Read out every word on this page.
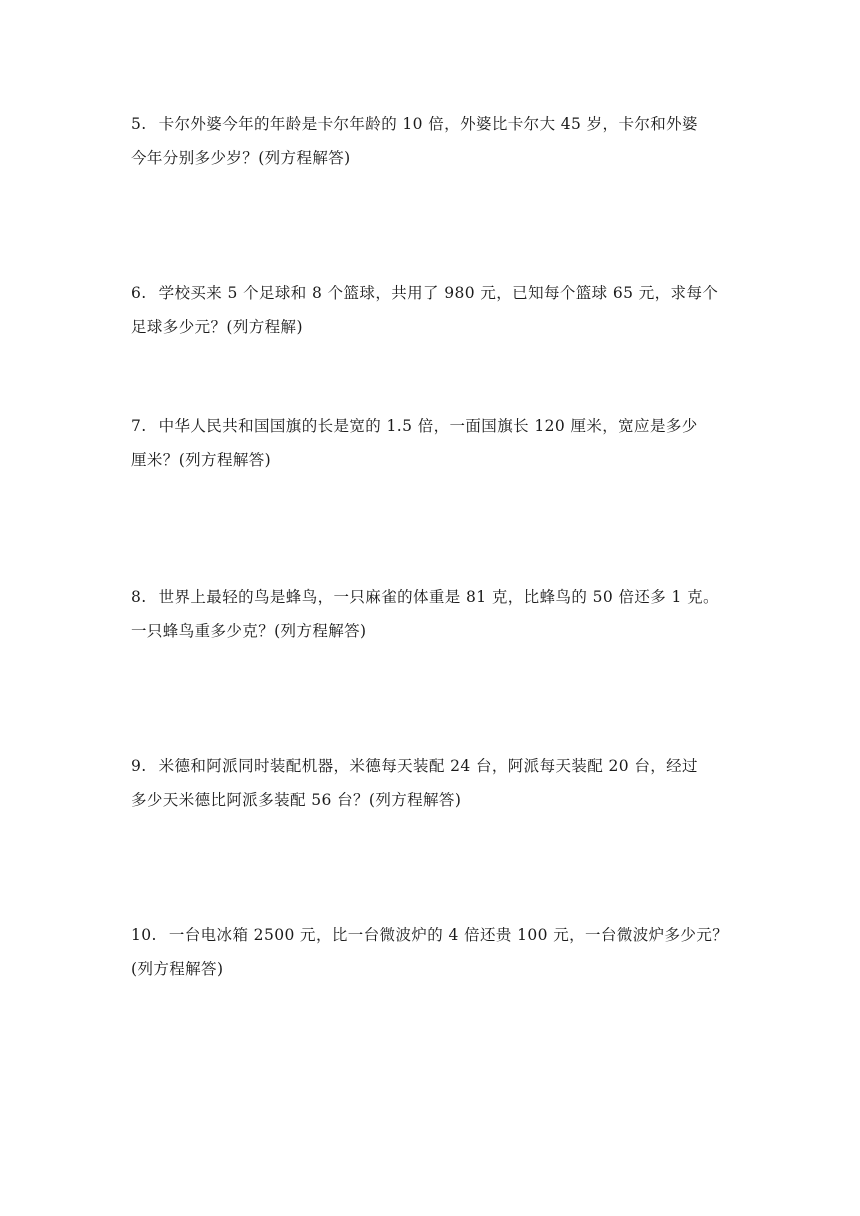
5. 卡尔外婆今年的年龄是卡尔年龄的 10 倍，外婆比卡尔大 45 岁，卡尔和外婆
今年分别多少岁？(列方程解答)
6. 学校买来 5 个足球和 8 个篮球，共用了 980 元，已知每个篮球 65 元，求每个
足球多少元？(列方程解)
7. 中华人民共和国国旗的长是宽的 1.5 倍，一面国旗长 120 厘米，宽应是多少
厘米？(列方程解答)
8. 世界上最轻的鸟是蜂鸟，一只麻雀的体重是 81 克，比蜂鸟的 50 倍还多 1 克。
一只蜂鸟重多少克？(列方程解答)
9. 米德和阿派同时装配机器，米德每天装配 24 台，阿派每天装配 20 台，经过
多少天米德比阿派多装配 56 台？(列方程解答)
10. 一台电冰箱 2500 元，比一台微波炉的 4 倍还贵 100 元，一台微波炉多少元？
(列方程解答)
